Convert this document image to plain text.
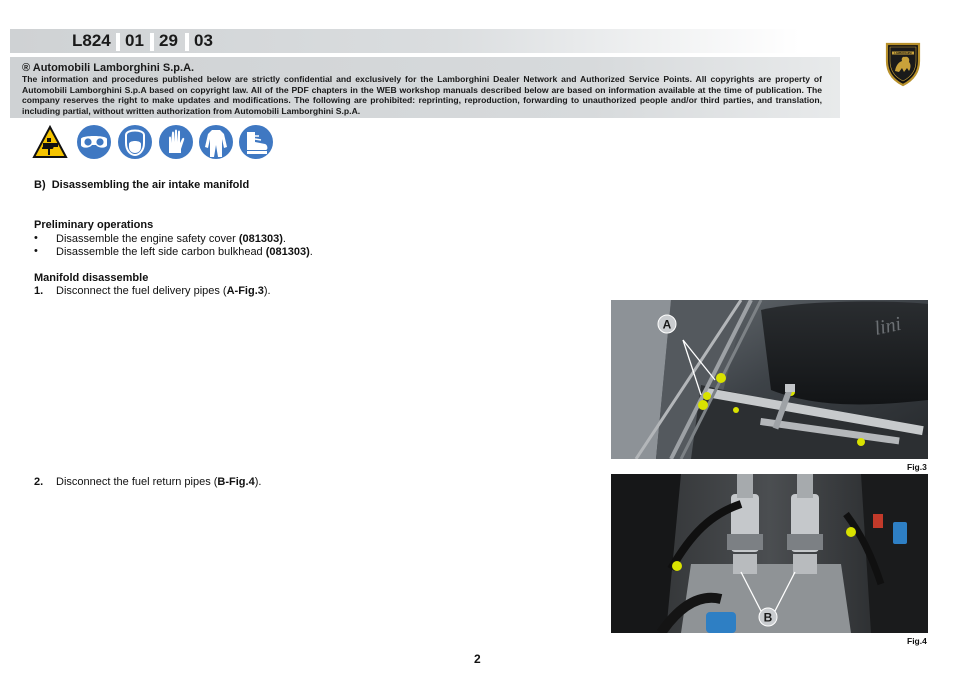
L824 01 29 03
LAMBORGHINI
® Automobili Lamborghini S.p.A.
The information and procedures published below are strictly confidential and exclusively for the Lamborghini Dealer Network and Authorized Service Points. All copyrights are property of Automobili Lamborghini S.p.A based on copyright law. All of the PDF chapters in the WEB workshop manuals described below are based on information available at the time of publication. The company reserves the right to make updates and modifications. The following are prohibited: reprinting, reproduction, forwarding to unauthorized people and/or third parties, and translation, including partial, without written authorization from Automobili Lamborghini S.p.A.
B)  Disassembling the air intake manifold
Preliminary operations
• Disassemble the engine safety cover (081303).
• Disassemble the left side carbon bulkhead (081303).
Manifold disassemble
1. Disconnect the fuel delivery pipes (A-Fig.3).
2. Disconnect the fuel return pipes (B-Fig.4).
lini
A
Fig.3
B
Fig.4
2
